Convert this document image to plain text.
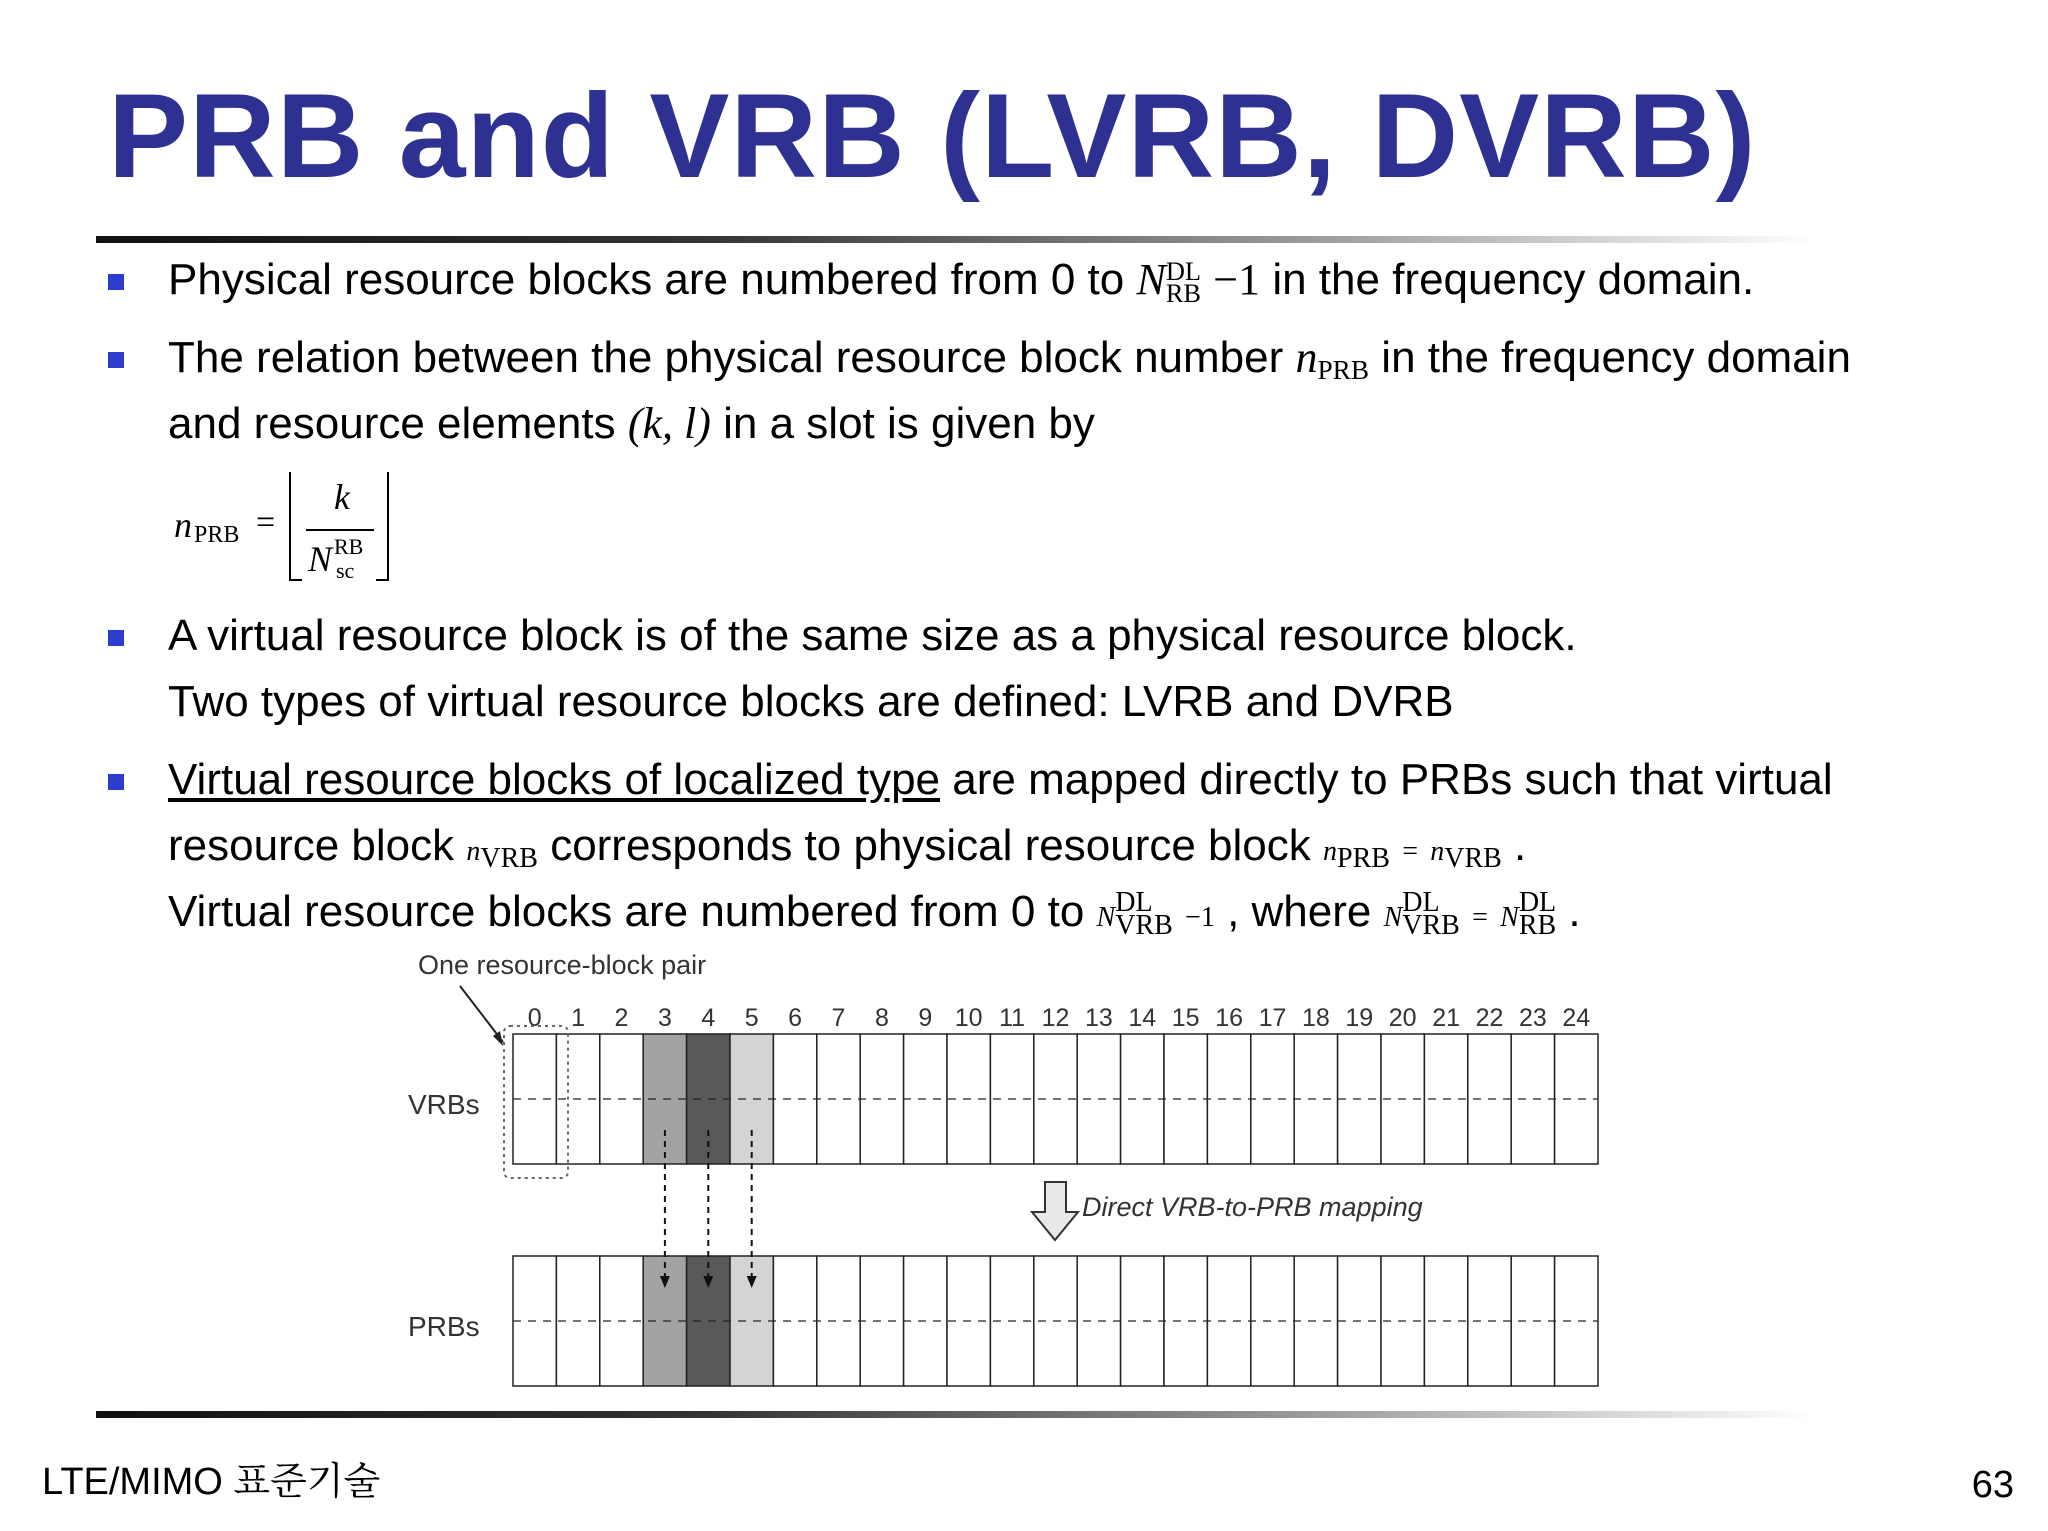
PRB and VRB (LVRB, DVRB)
Physical resource blocks are numbered from 0 to N DL
RB −1 in the frequency domain.
The relation between the physical resource block number $n_{PRB}$ in the frequency domain
and resource elements (k, l) in a slot is given by
n PRB =
k
N RB
sc
A virtual resource block is of the same size as a physical resource block.
Two types of virtual resource blocks are defined: LVRB and DVRB
Virtual resource blocks of localized type are mapped directly to PRBs such that virtual
resource block $n_{VRB}$ corresponds to physical resource block $n_{PRB} = n_{VRB}$ .
Virtual resource blocks are numbered from 0 to N DL
VRB −1 , where N DL
VRB = N DL
RB .
One resource-block pair
VRBs
PRBs
0 1 2 3 4 5 6 7 8 9 10 11 12 13 14 15 16 17 18 19 20 21 22 23 24
Direct VRB-to-PRB mapping
LTE/MIMO 표준기술	63
